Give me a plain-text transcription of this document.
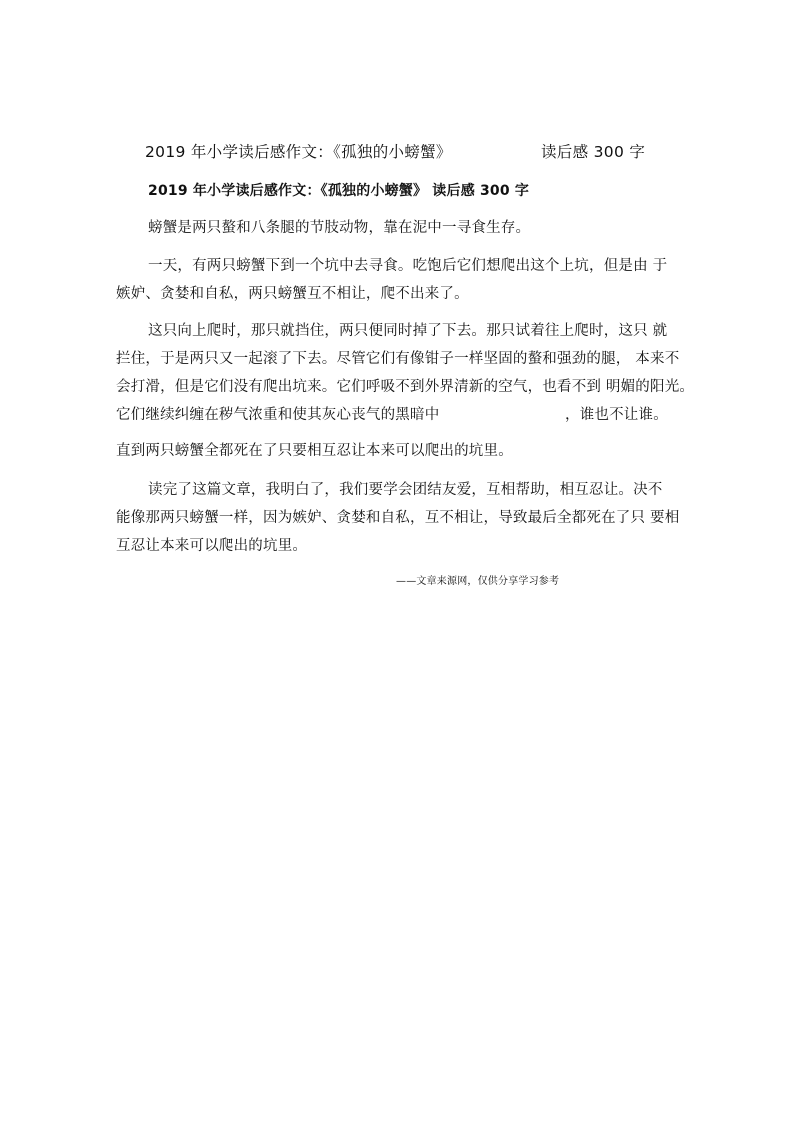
2019 年小学读后感作文：《孤独的小螃蟹》	读后感 300 字
2019 年小学读后感作文：《孤独的小螃蟹》 读后感 300 字
螃蟹是两只螯和八条腿的节肢动物，靠在泥中一寻食生存。
一天，有两只螃蟹下到一个坑中去寻食。吃饱后它们想爬出这个上坑，但是由 于
嫉妒、贪婪和自私，两只螃蟹互不相让，爬不出来了。
这只向上爬时，那只就挡住，两只便同时掉了下去。那只试着往上爬时，这只 就
拦住，于是两只又一起滚了下去。尽管它们有像钳子一样坚固的螯和强劲的腿， 本来不
会打滑，但是它们没有爬出坑来。它们呼吸不到外界清新的空气，也看不到 明媚的阳光。
它们继续纠缠在秽气浓重和使其灰心丧气的黑暗中	，谁也不让谁。
直到两只螃蟹全都死在了只要相互忍让本来可以爬出的坑里。
读完了这篇文章，我明白了，我们要学会团结友爱，互相帮助，相互忍让。决不
能像那两只螃蟹一样，因为嫉妒、贪婪和自私，互不相让，导致最后全都死在了只 要相
互忍让本来可以爬出的坑里。
——文章来源网，仅供分享学习参考
